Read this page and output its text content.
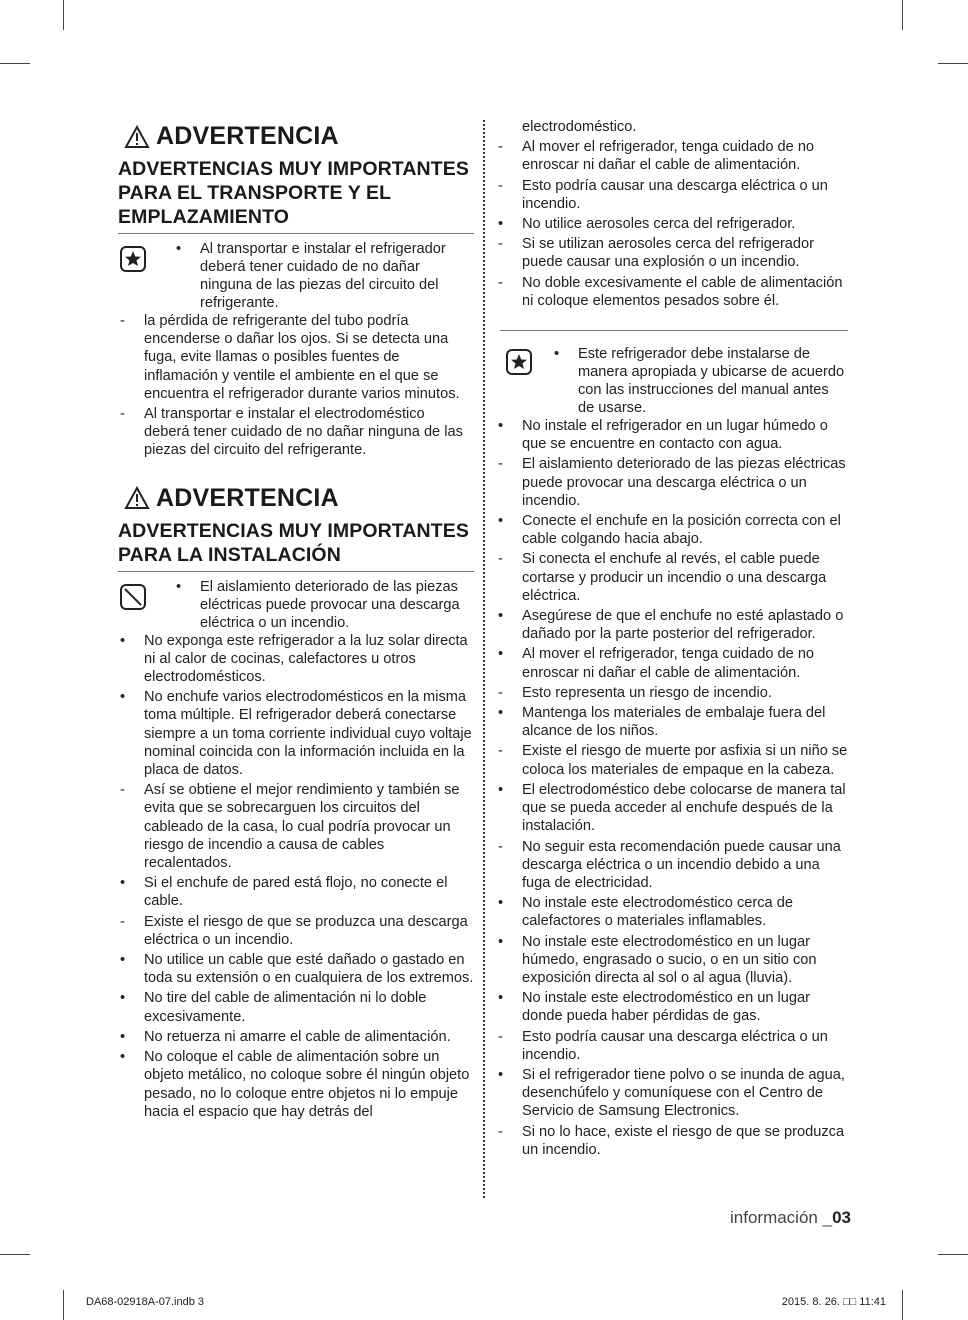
ADVERTENCIA
ADVERTENCIAS MUY IMPORTANTES PARA EL TRANSPORTE Y EL EMPLAZAMIENTO
• Al transportar e instalar el refrigerador deberá tener cuidado de no dañar ninguna de las piezas del circuito del refrigerante.
- la pérdida de refrigerante del tubo podría encenderse o dañar los ojos. Si se detecta una fuga, evite llamas o posibles fuentes de inflamación y ventile el ambiente en el que se encuentra el refrigerador durante varios minutos.
- Al transportar e instalar el electrodoméstico deberá tener cuidado de no dañar ninguna de las piezas del circuito del refrigerante.
ADVERTENCIA
ADVERTENCIAS MUY IMPORTANTES PARA LA INSTALACIÓN
• El aislamiento deteriorado de las piezas eléctricas puede provocar una descarga eléctrica o un incendio.
• No exponga este refrigerador a la luz solar directa ni al calor de cocinas, calefactores u otros electrodomésticos.
• No enchufe varios electrodomésticos en la misma toma múltiple. El refrigerador deberá conectarse siempre a un toma corriente individual cuyo voltaje nominal coincida con la información incluida en la placa de datos.
- Así se obtiene el mejor rendimiento y también se evita que se sobrecarguen los circuitos del cableado de la casa, lo cual podría provocar un riesgo de incendio a causa de cables recalentados.
• Si el enchufe de pared está flojo, no conecte el cable.
- Existe el riesgo de que se produzca una descarga eléctrica o un incendio.
• No utilice un cable que esté dañado o gastado en toda su extensión o en cualquiera de los extremos.
• No tire del cable de alimentación ni lo doble excesivamente.
• No retuerza ni amarre el cable de alimentación.
• No coloque el cable de alimentación sobre un objeto metálico, no coloque sobre él ningún objeto pesado, no lo coloque entre objetos ni lo empuje hacia el espacio que hay detrás del
electrodoméstico.
- Al mover el refrigerador, tenga cuidado de no enroscar ni dañar el cable de alimentación.
- Esto podría causar una descarga eléctrica o un incendio.
• No utilice aerosoles cerca del refrigerador.
- Si se utilizan aerosoles cerca del refrigerador puede causar una explosión o un incendio.
- No doble excesivamente el cable de alimentación ni coloque elementos pesados sobre él.
• Este refrigerador debe instalarse de manera apropiada y ubicarse de acuerdo con las instrucciones del manual antes de usarse.
• No instale el refrigerador en un lugar húmedo o que se encuentre en contacto con agua.
- El aislamiento deteriorado de las piezas eléctricas puede provocar una descarga eléctrica o un incendio.
• Conecte el enchufe en la posición correcta con el cable colgando hacia abajo.
- Si conecta el enchufe al revés, el cable puede cortarse y producir un incendio o una descarga eléctrica.
• Asegúrese de que el enchufe no esté aplastado o dañado por la parte posterior del refrigerador.
• Al mover el refrigerador, tenga cuidado de no enroscar ni dañar el cable de alimentación.
- Esto representa un riesgo de incendio.
• Mantenga los materiales de embalaje fuera del alcance de los niños.
- Existe el riesgo de muerte por asfixia si un niño se coloca los materiales de empaque en la cabeza.
• El electrodoméstico debe colocarse de manera tal que se pueda acceder al enchufe después de la instalación.
- No seguir esta recomendación puede causar una descarga eléctrica o un incendio debido a una fuga de electricidad.
• No instale este electrodoméstico cerca de calefactores o materiales inflamables.
• No instale este electrodoméstico en un lugar húmedo, engrasado o sucio, o en un sitio con exposición directa al sol o al agua (lluvia).
• No instale este electrodoméstico en un lugar donde pueda haber pérdidas de gas.
- Esto podría causar una descarga eléctrica o un incendio.
• Si el refrigerador tiene polvo o se inunda de agua, desenchúfelo y comuníquese con el Centro de Servicio de Samsung Electronics.
- Si no lo hace, existe el riesgo de que se produzca un incendio.
información _03
DA68-02918A-07.indb 3	2015. 8. 26. □□ 11:41
